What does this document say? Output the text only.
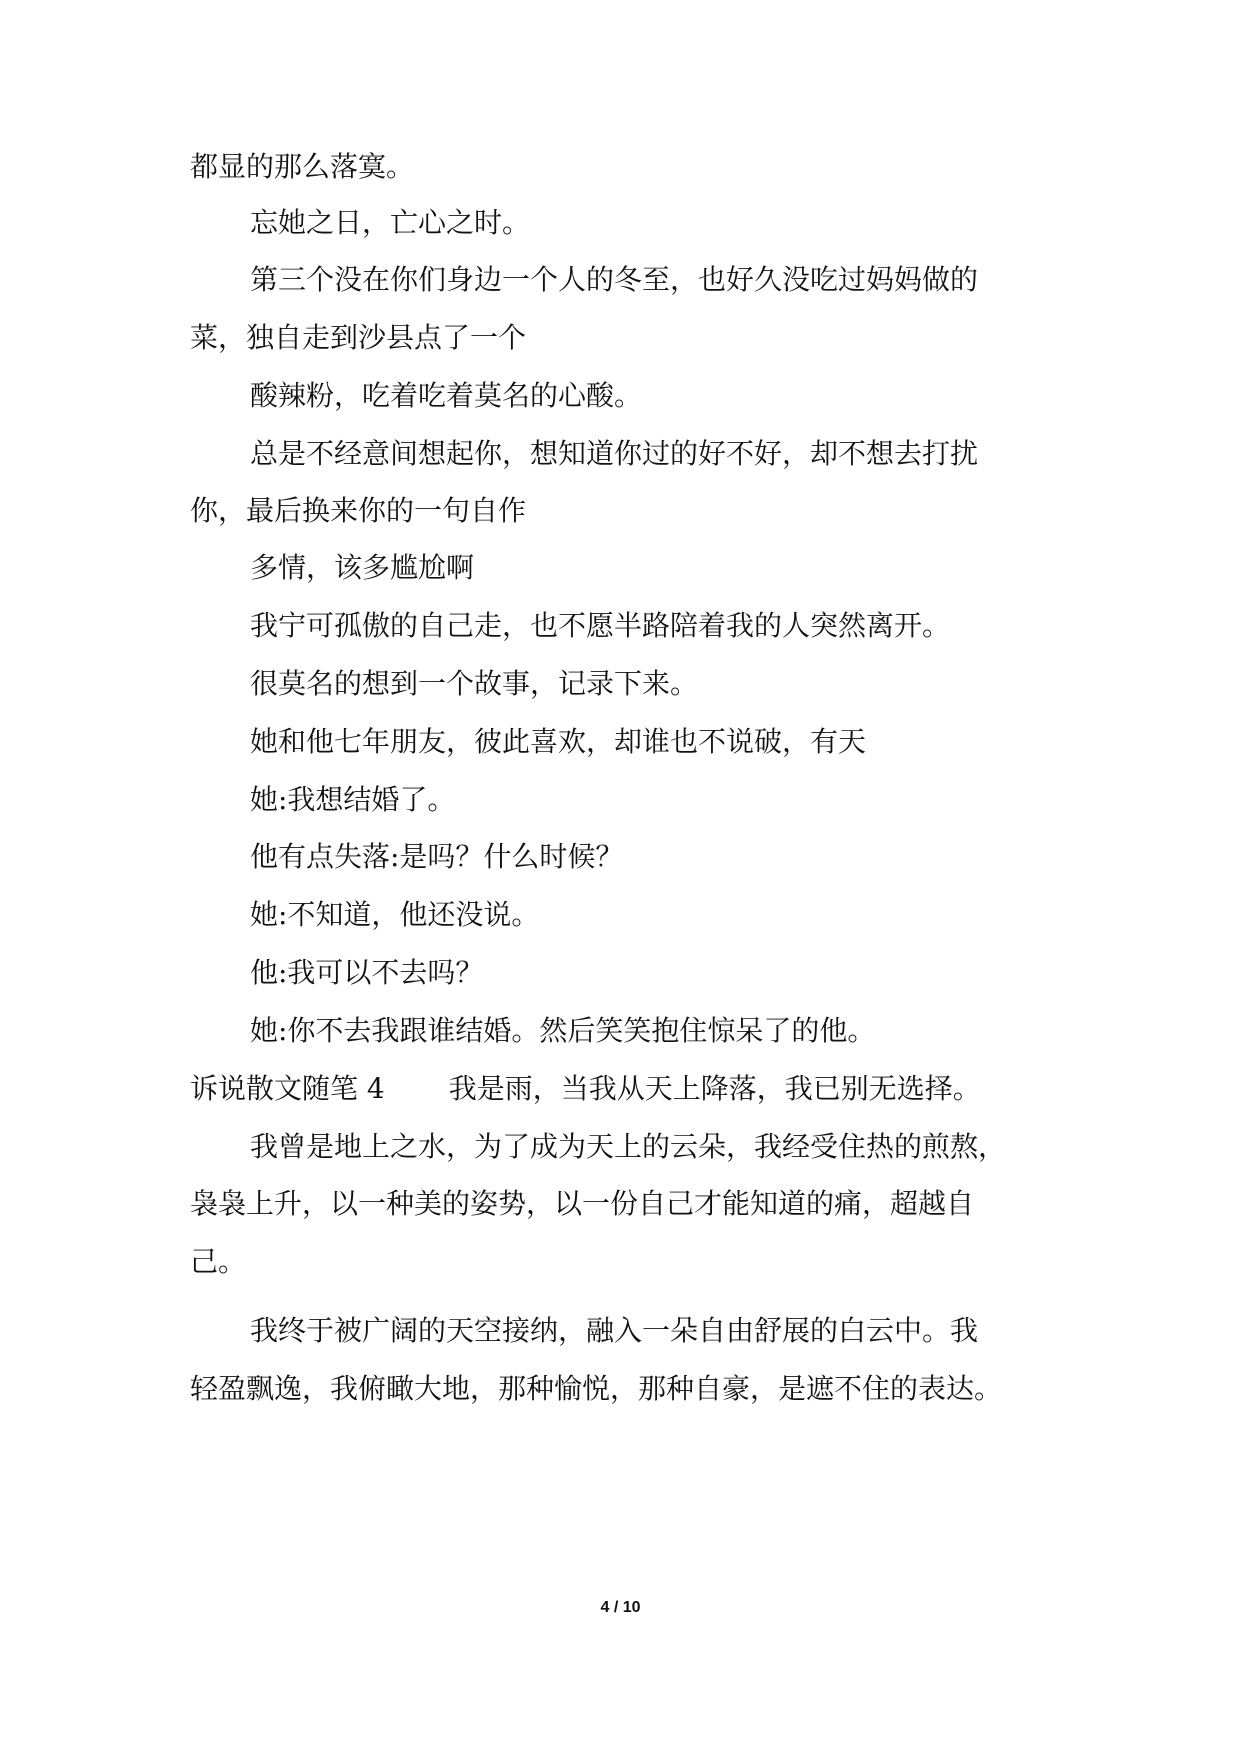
都显的那么落寞。
忘她之日，亡心之时。
第三个没在你们身边一个人的冬至，也好久没吃过妈妈做的
菜，独自走到沙县点了一个
酸辣粉，吃着吃着莫名的心酸。
总是不经意间想起你，想知道你过的好不好，却不想去打扰
你，最后换来你的一句自作
多情，该多尴尬啊
我宁可孤傲的自己走，也不愿半路陪着我的人突然离开。
很莫名的想到一个故事，记录下来。
她和他七年朋友，彼此喜欢，却谁也不说破，有天
她:我想结婚了。
他有点失落:是吗？什么时候？
她:不知道，他还没说。
他:我可以不去吗？
她:你不去我跟谁结婚。然后笑笑抱住惊呆了的他。
诉说散文随笔 4 我是雨，当我从天上降落，我已别无选择。
我曾是地上之水，为了成为天上的云朵，我经受住热的煎熬，
袅袅上升，以一种美的姿势，以一份自己才能知道的痛，超越自
己。
我终于被广阔的天空接纳，融入一朵自由舒展的白云中。我
轻盈飘逸，我俯瞰大地，那种愉悦，那种自豪，是遮不住的表达。
4 / 10
